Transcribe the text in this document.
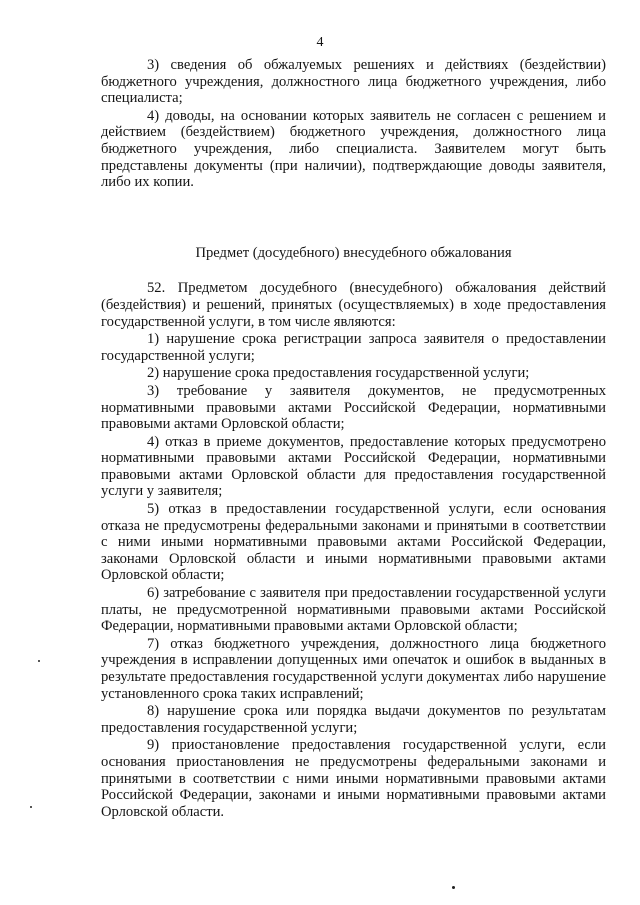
4

3) сведения об обжалуемых решениях и действиях (бездействии) бюджетного учреждения, должностного лица бюджетного учреждения, либо специалиста;

4) доводы, на основании которых заявитель не согласен с решением и действием (бездействием) бюджетного учреждения, должностного лица бюджетного учреждения, либо специалиста. Заявителем могут быть представлены документы (при наличии), подтверждающие доводы заявителя, либо их копии.

Предмет (досудебного) внесудебного обжалования

52. Предметом досудебного (внесудебного) обжалования действий (бездействия) и решений, принятых (осуществляемых) в ходе предоставления государственной услуги, в том числе являются:

1) нарушение срока регистрации запроса заявителя о предоставлении государственной услуги;

2) нарушение срока предоставления государственной услуги;

3) требование у заявителя документов, не предусмотренных нормативными правовыми актами Российской Федерации, нормативными правовыми актами Орловской области;

4) отказ в приеме документов, предоставление которых предусмотрено нормативными правовыми актами Российской Федерации, нормативными правовыми актами Орловской области для предоставления государственной услуги у заявителя;

5) отказ в предоставлении государственной услуги, если основания отказа не предусмотрены федеральными законами и принятыми в соответствии с ними иными нормативными правовыми актами Российской Федерации, законами Орловской области и иными нормативными правовыми актами Орловской области;

6) затребование с заявителя при предоставлении государственной услуги платы, не предусмотренной нормативными правовыми актами Российской Федерации, нормативными правовыми актами Орловской области;

7) отказ бюджетного учреждения, должностного лица бюджетного учреждения в исправлении допущенных ими опечаток и ошибок в выданных в результате предоставления государственной услуги документах либо нарушение установленного срока таких исправлений;

8) нарушение срока или порядка выдачи документов по результатам предоставления государственной услуги;

9) приостановление предоставления государственной услуги, если основания приостановления не предусмотрены федеральными законами и принятыми в соответствии с ними иными нормативными правовыми актами Российской Федерации, законами и иными нормативными правовыми актами Орловской области.
